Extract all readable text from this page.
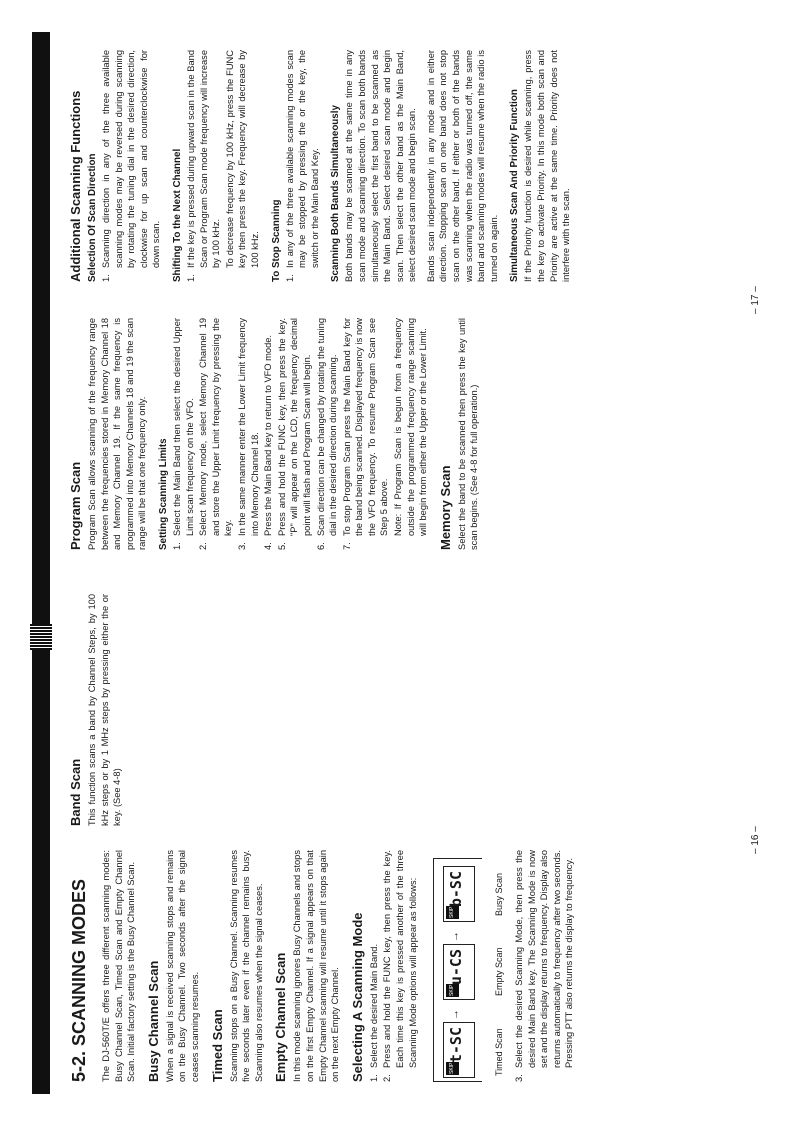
5-2. SCANNING MODES The DJ-560T/E offers three different scanning modes: Busy Channel Scan, Timed Scan and Empty Channel Scan. Initial factory setting is the Busy Channel Scan. Busy Channel Scan When a signal is received scanning stops and remains on the Busy Channel. Two seconds after the signal ceases scanning resumes. Timed Scan Scanning stops on a Busy Channel. Scanning resumes five seconds later even if the channel remains busy. Scanning also resumes when the signal ceases. Empty Channel Scan In this mode scanning ignores Busy Channels and stops on the first Empty Channel. If a signal appears on that Empty Channel scanning will resume until it stops again on the next Empty Channel. Selecting A Scanning Mode 1.
Select the desired Main Band.
2.
Press and hold the FUNC key, then press the key. Each time this key is pressed another of the three Scanning Mode options will appear as follows:
SKIP
t-SC
→
SKIP
u-CS
→
SKIP
b-SC
Timed Scan
Empty Scan
Busy Scan
3.
Select the desired Scanning Mode, then press the desired Main Band key. The Scanning Mode is now set and the display returns to frequency. Display also returns automatically to frequency after two seconds. Pressing PTT also returns the display to frequency.
Band Scan This function scans a band by Channel Steps, by 100 kHz steps or by 1 MHz steps by pressing either the or key. (See 4-8)

Program Scan Program Scan allows scanning of the frequency range between the frequencies stored in Memory Channel 18 and Memory Channel 19. If the same frequency is programmed into Memory Channels 18 and 19 the scan range will be that one frequency only. Setting Scanning Limits 1.
Select the Main Band then select the desired Upper Limit scan frequency on the VFO.
2.
Select Memory mode, select Memory Channel 19 and store the Upper Limit frequency by pressing the key.
3.
In the same manner enter the Lower Limit frequency into Memory Channel 18.
4.
Press the Main Band key to return to VFO mode.
5.
Press and hold the FUNC key, then press the key. "P" will appear on the LCD, the frequency decimal point will flash and Program Scan will begin.
6.
Scan direction can be changed by rotating the tuning dial in the desired direction during scanning.
7.
To stop Program Scan press the Main Band key for the band being scanned. Displayed frequency is now the VFO frequency. To resume Program Scan see Step 5 above. Note: If Program Scan is begun from a frequency outside the programmed frequency range scanning will begin from either the Upper or the Lower Limit. Memory Scan Select the band to be scanned then press the key until scan begins. (See 4-8 for full operation.)

Additional Scanning Functions Selection Of Scan Direction 1.
Scanning direction in any of the three available scanning modes may be reversed during scanning by rotating the tuning dial in the desired direction, clockwise for up scan and counterclockwise for down scan. Shifting To the Next Channel 1.
If the key is pressed during upward scan in the Band Scan or Program Scan mode frequency will increase by 100 kHz. To decrease frequency by 100 kHz, press the FUNC key then press the key. Frequency will decrease by 100 kHz. To Stop Scanning 1.
In any of the three available scanning modes scan may be stopped by pressing the or the key, the switch or the Main Band Key. Scanning Both Bands Simultaneously Both bands may be scanned at the same time in any scan mode and scanning direction. To scan both bands simultaneously select the first band to be scanned as the Main Band. Select desired scan mode and begin scan. Then select the other band as the Main Band, select desired scan mode and begin scan. Bands scan independently in any mode and in either direction. Stopping scan on one band does not stop scan on the other band. If either or both of the bands was scanning when the radio was turned off, the same band and scanning modes will resume when the radio is turned on again. Simultaneous Scan And Priority Function If the Priority function is desired while scanning, press the key to activate Priority. In this mode both scan and Priority are active at the same time. Priority does not interfere with the scan.

– 16 –
– 17 –
